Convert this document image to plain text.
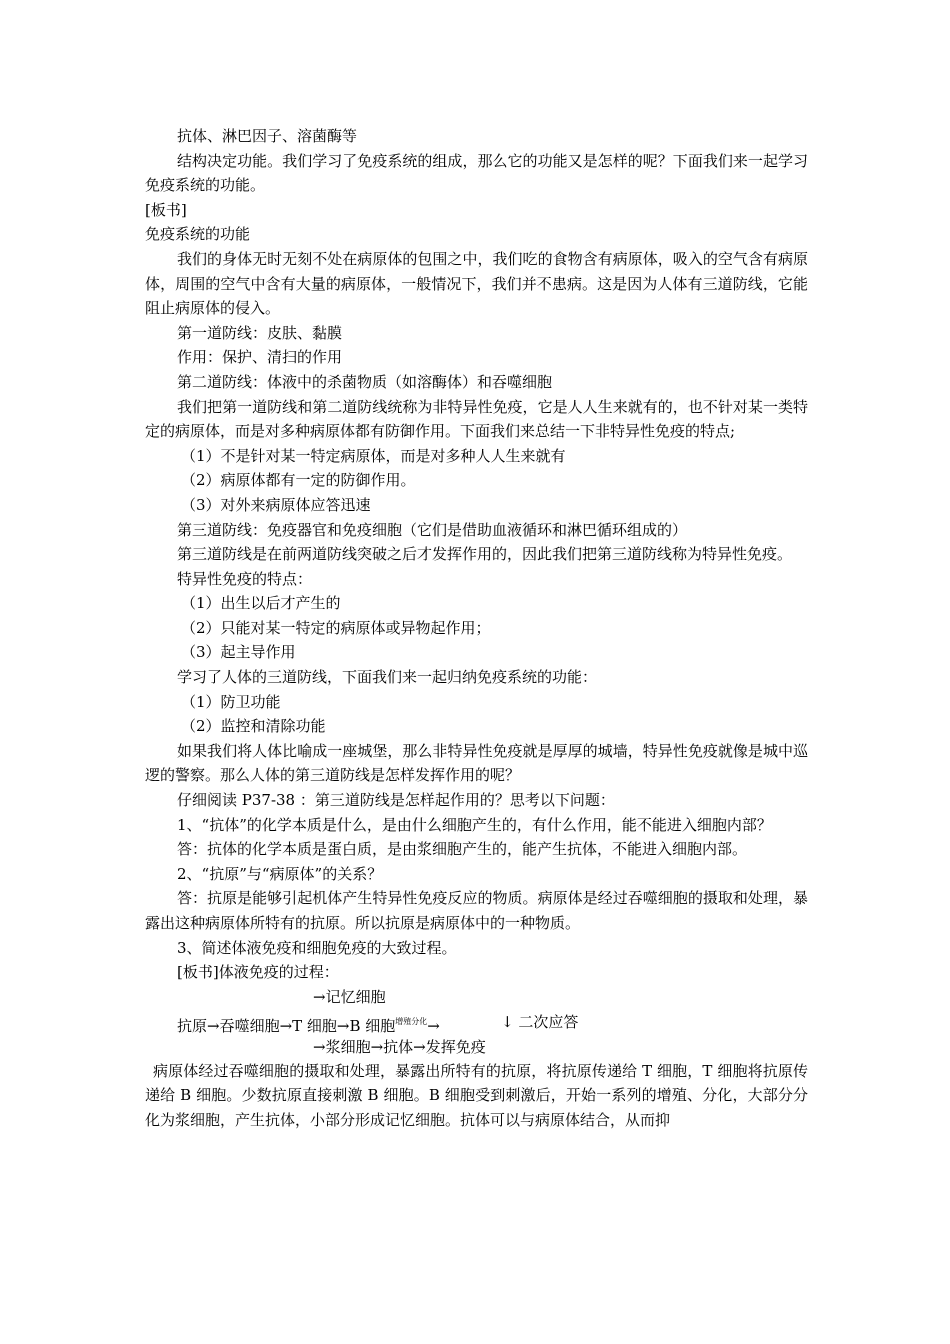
抗体、淋巴因子、溶菌酶等

结构决定功能。我们学习了免疫系统的组成，那么它的功能又是怎样的呢？下面我们来一起学习免疫系统的功能。

[板书]

免疫系统的功能

我们的身体无时无刻不处在病原体的包围之中，我们吃的食物含有病原体，吸入的空气含有病原体，周围的空气中含有大量的病原体，一般情况下，我们并不患病。这是因为人体有三道防线，它能阻止病原体的侵入。

第一道防线：皮肤、黏膜

作用：保护、清扫的作用

第二道防线：体液中的杀菌物质（如溶酶体）和吞噬细胞

我们把第一道防线和第二道防线统称为非特异性免疫，它是人人生来就有的，也不针对某一类特定的病原体，而是对多种病原体都有防御作用。下面我们来总结一下非特异性免疫的特点;

（1）不是针对某一特定病原体，而是对多种人人生来就有

（2）病原体都有一定的防御作用。

（3）对外来病原体应答迅速

第三道防线：免疫器官和免疫细胞（它们是借助血液循环和淋巴循环组成的）

第三道防线是在前两道防线突破之后才发挥作用的，因此我们把第三道防线称为特异性免疫。

特异性免疫的特点：

（1）出生以后才产生的

（2）只能对某一特定的病原体或异物起作用；

（3）起主导作用

学习了人体的三道防线，下面我们来一起归纳免疫系统的功能：

（1）防卫功能

（2）监控和清除功能

如果我们将人体比喻成一座城堡，那么非特异性免疫就是厚厚的城墙，特异性免疫就像是城中巡逻的警察。那么人体的第三道防线是怎样发挥作用的呢？

仔细阅读 P37-38 ：第三道防线是怎样起作用的？思考以下问题：

1、“抗体”的化学本质是什么，是由什么细胞产生的，有什么作用，能不能进入细胞内部？

答：抗体的化学本质是蛋白质，是由浆细胞产生的，能产生抗体，不能进入细胞内部。

2、“抗原”与“病原体”的关系？

答：抗原是能够引起机体产生特异性免疫反应的物质。病原体是经过吞噬细胞的摄取和处理，暴露出这种病原体所特有的抗原。所以抗原是病原体中的一种物质。

3、简述体液免疫和细胞免疫的大致过程。

[板书]体液免疫的过程：

→记忆细胞
抗原→吞噬细胞→T 细胞→B 细胞$^{增殖分化}$→	↓ 二次应答
→浆细胞→抗体→发挥免疫

病原体经过吞噬细胞的摄取和处理，暴露出所特有的抗原，将抗原传递给 T 细胞，T 细胞将抗原传递给 B 细胞。少数抗原直接刺激 B 细胞。B 细胞受到刺激后，开始一系列的增殖、分化，大部分分化为浆细胞，产生抗体，小部分形成记忆细胞。抗体可以与病原体结合，从而抑
